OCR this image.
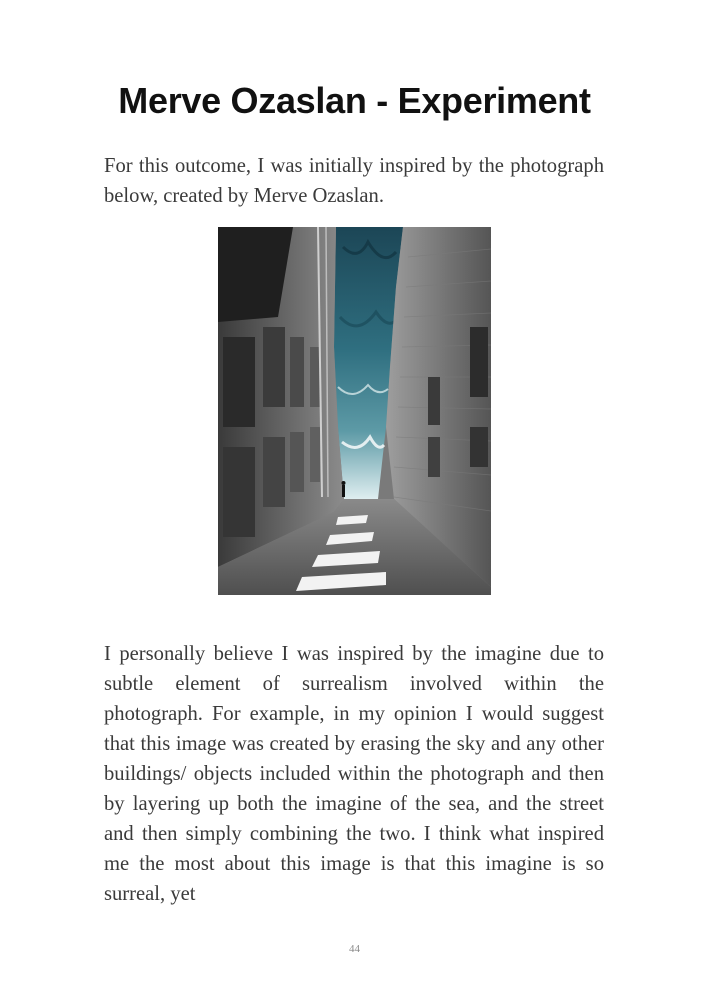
Merve Ozaslan - Experiment

For this outcome, I was initially inspired by the photograph below, created by Merve Ozaslan.

I personally believe I was inspired by the imagine due to subtle element of surrealism involved within the photograph. For example, in my opinion I would suggest that this image was created by erasing the sky and any other buildings/ objects included within the photograph and then by layering up both the imagine of the sea, and the street and then simply combining the two. I think what inspired me the most about this image is that this imagine is so surreal, yet

44
